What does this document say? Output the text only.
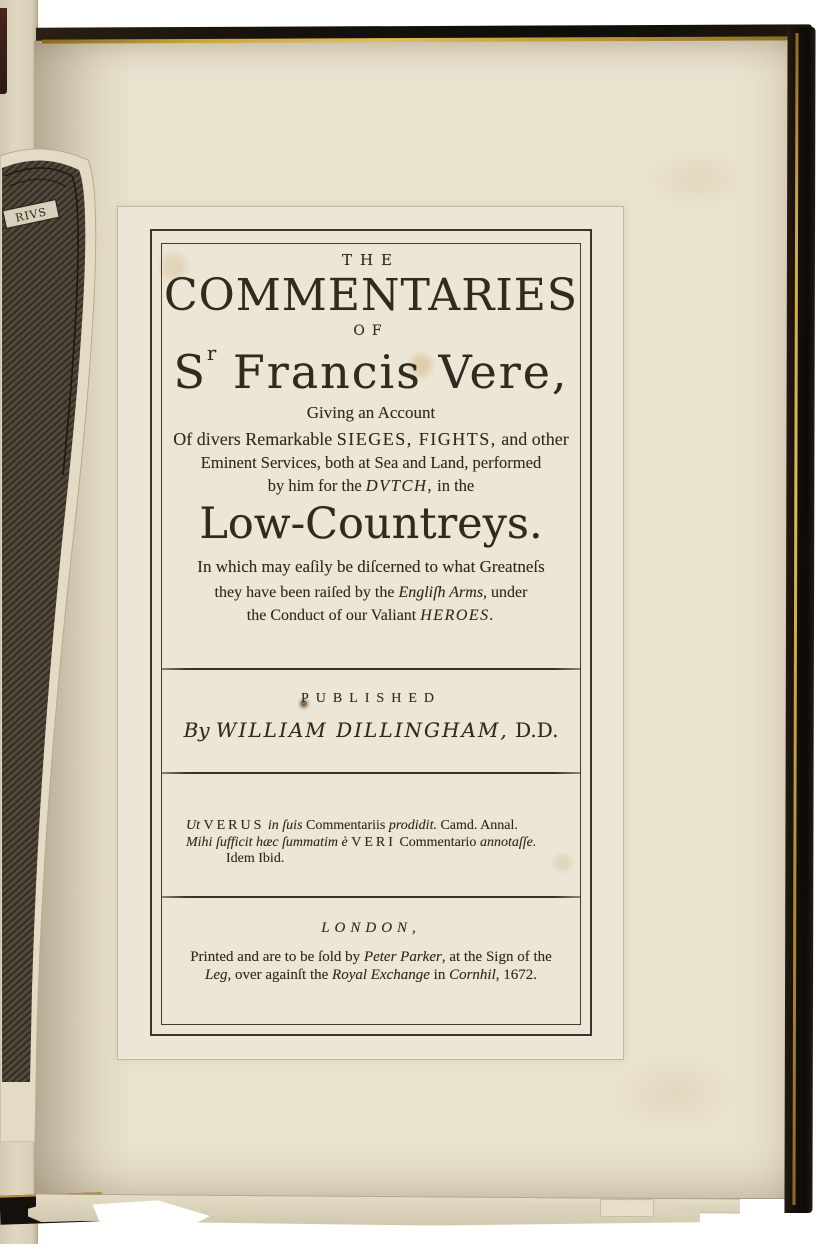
RIVS
THE
COMMENTARIES
OF
$S^r$ Francis Vere,
Giving an Account
Of divers Remarkable SIEGES, FIGHTS, and other
Eminent Services, both at Sea and Land, performed
by him for the DVTCH, in the
Low-Countreys.
In which may eaſily be diſcerned to what Greatneſs
they have been raiſed by the Engliſh Arms, under
the Conduct of our Valiant HEROES.
PUBLISHED
By WILLIAM DILLINGHAM, D.D.
Ut VERUS in ſuis Commentariis prodidit. Camd. Annal.
Mihi ſufficit hæc ſummatim è VERI Commentario annotaſſe.
Idem Ibid.
LONDON,
Printed and are to be ſold by Peter Parker, at the Sign of the
Leg, over againſt the Royal Exchange in Cornhil, 1672.
